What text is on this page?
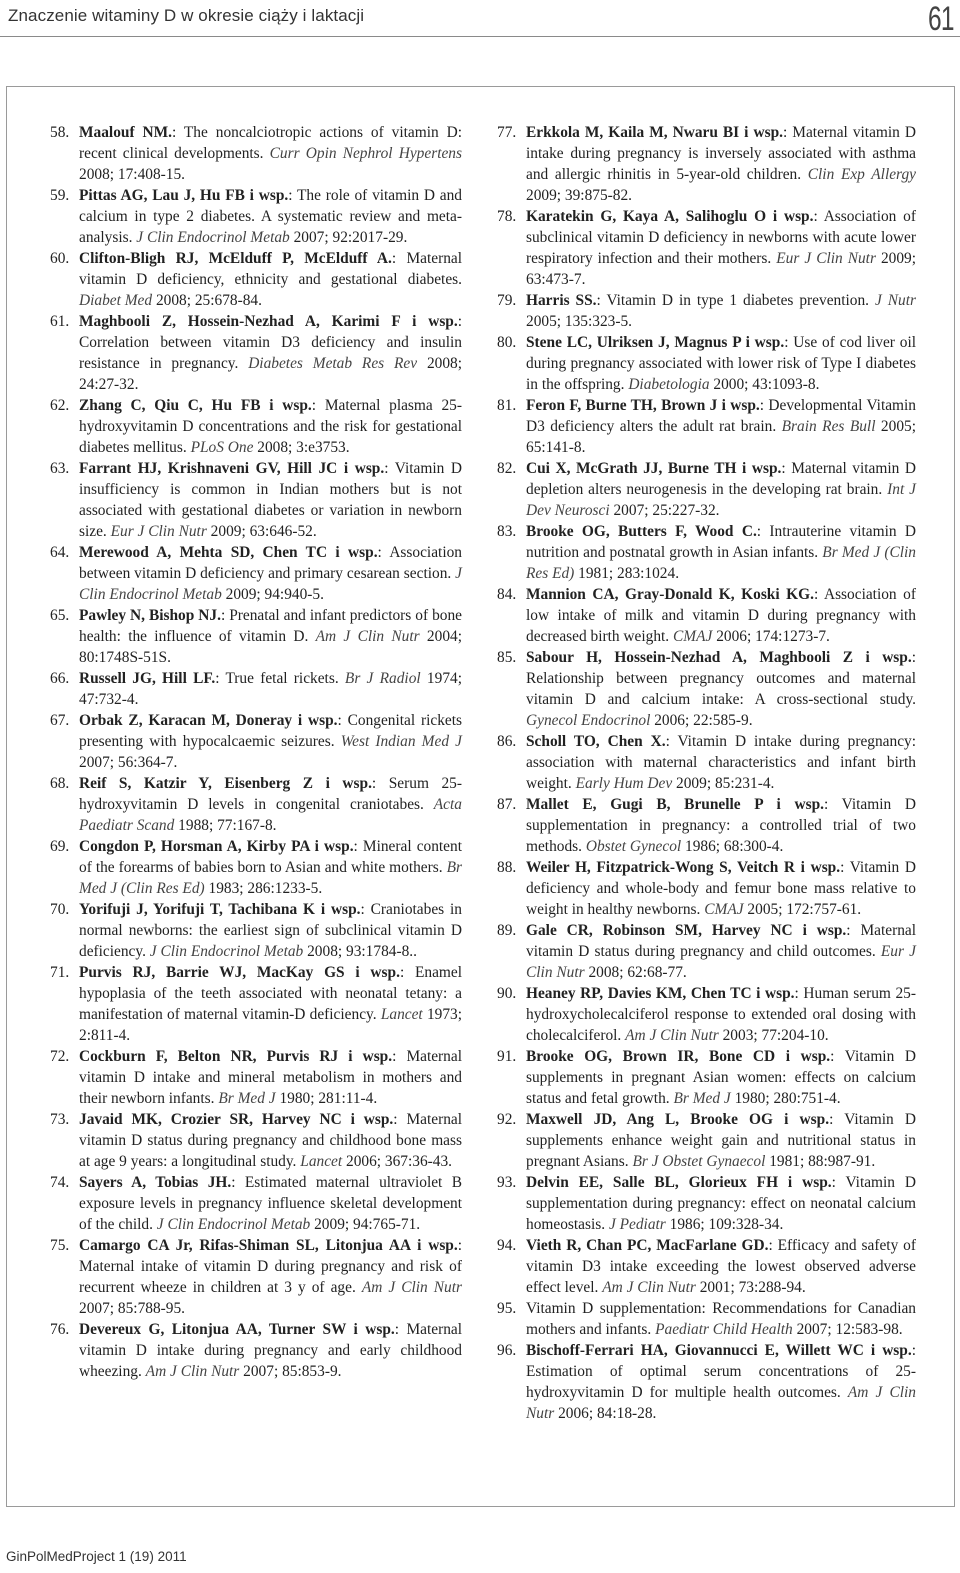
Znaczenie witaminy D w okresie ciąży i laktacji	61

58. Maalouf NM.: The noncalciotropic actions of vitamin D: recent clinical developments. Curr Opin Nephrol Hypertens 2008; 17:408-15.

59. Pittas AG, Lau J, Hu FB i wsp.: The role of vitamin D and calcium in type 2 diabetes. A systematic review and meta-analysis. J Clin Endocrinol Metab 2007; 92:2017-29.

60. Clifton-Bligh RJ, McElduff P, McElduff A.: Maternal vitamin D deficiency, ethnicity and gestational diabetes. Diabet Med 2008; 25:678-84.

61. Maghbooli Z, Hossein-Nezhad A, Karimi F i wsp.: Correlation between vitamin D3 deficiency and insulin resistance in pregnancy. Diabetes Metab Res Rev 2008; 24:27-32.

62. Zhang C, Qiu C, Hu FB i wsp.: Maternal plasma 25-hydroxyvitamin D concentrations and the risk for gestational diabetes mellitus. PLoS One 2008; 3:e3753.

63. Farrant HJ, Krishnaveni GV, Hill JC i wsp.: Vitamin D insufficiency is common in Indian mothers but is not associated with gestational diabetes or variation in newborn size. Eur J Clin Nutr 2009; 63:646-52.

64. Merewood A, Mehta SD, Chen TC i wsp.: Association between vitamin D deficiency and primary cesarean section. J Clin Endocrinol Metab 2009; 94:940-5.

65. Pawley N, Bishop NJ.: Prenatal and infant predictors of bone health: the influence of vitamin D. Am J Clin Nutr 2004; 80:1748S-51S.

66. Russell JG, Hill LF.: True fetal rickets. Br J Radiol 1974; 47:732-4.

67. Orbak Z, Karacan M, Doneray i wsp.: Congenital rickets presenting with hypocalcaemic seizures. West Indian Med J 2007; 56:364-7.

68. Reif S, Katzir Y, Eisenberg Z i wsp.: Serum 25-hydroxyvitamin D levels in congenital craniotabes. Acta Paediatr Scand 1988; 77:167-8.

69. Congdon P, Horsman A, Kirby PA i wsp.: Mineral content of the forearms of babies born to Asian and white mothers. Br Med J (Clin Res Ed) 1983; 286:1233-5.

70. Yorifuji J, Yorifuji T, Tachibana K i wsp.: Craniotabes in normal newborns: the earliest sign of subclinical vitamin D deficiency. J Clin Endocrinol Metab 2008; 93:1784-8..

71. Purvis RJ, Barrie WJ, MacKay GS i wsp.: Enamel hypoplasia of the teeth associated with neonatal tetany: a manifestation of maternal vitamin-D deficiency. Lancet 1973; 2:811-4.

72. Cockburn F, Belton NR, Purvis RJ i wsp.: Maternal vitamin D intake and mineral metabolism in mothers and their newborn infants. Br Med J 1980; 281:11-4.

73. Javaid MK, Crozier SR, Harvey NC i wsp.: Maternal vitamin D status during pregnancy and childhood bone mass at age 9 years: a longitudinal study. Lancet 2006; 367:36-43.

74. Sayers A, Tobias JH.: Estimated maternal ultraviolet B exposure levels in pregnancy influence skeletal development of the child. J Clin Endocrinol Metab 2009; 94:765-71.

75. Camargo CA Jr, Rifas-Shiman SL, Litonjua AA i wsp.: Maternal intake of vitamin D during pregnancy and risk of recurrent wheeze in children at 3 y of age. Am J Clin Nutr 2007; 85:788-95.

76. Devereux G, Litonjua AA, Turner SW i wsp.: Maternal vitamin D intake during pregnancy and early childhood wheezing. Am J Clin Nutr 2007; 85:853-9.

77. Erkkola M, Kaila M, Nwaru BI i wsp.: Maternal vitamin D intake during pregnancy is inversely associated with asthma and allergic rhinitis in 5-year-old children. Clin Exp Allergy 2009; 39:875-82.

78. Karatekin G, Kaya A, Salihoglu O i wsp.: Association of subclinical vitamin D deficiency in newborns with acute lower respiratory infection and their mothers. Eur J Clin Nutr 2009; 63:473-7.

79. Harris SS.: Vitamin D in type 1 diabetes prevention. J Nutr 2005; 135:323-5.

80. Stene LC, Ulriksen J, Magnus P i wsp.: Use of cod liver oil during pregnancy associated with lower risk of Type I diabetes in the offspring. Diabetologia 2000; 43:1093-8.

81. Feron F, Burne TH, Brown J i wsp.: Developmental Vitamin D3 deficiency alters the adult rat brain. Brain Res Bull 2005; 65:141-8.

82. Cui X, McGrath JJ, Burne TH i wsp.: Maternal vitamin D depletion alters neurogenesis in the developing rat brain. Int J Dev Neurosci 2007; 25:227-32.

83. Brooke OG, Butters F, Wood C.: Intrauterine vitamin D nutrition and postnatal growth in Asian infants. Br Med J (Clin Res Ed) 1981; 283:1024.

84. Mannion CA, Gray-Donald K, Koski KG.: Association of low intake of milk and vitamin D during pregnancy with decreased birth weight. CMAJ 2006; 174:1273-7.

85. Sabour H, Hossein-Nezhad A, Maghbooli Z i wsp.: Relationship between pregnancy outcomes and maternal vitamin D and calcium intake: A cross-sectional study. Gynecol Endocrinol 2006; 22:585-9.

86. Scholl TO, Chen X.: Vitamin D intake during pregnancy: association with maternal characteristics and infant birth weight. Early Hum Dev 2009; 85:231-4.

87. Mallet E, Gugi B, Brunelle P i wsp.: Vitamin D supplementation in pregnancy: a controlled trial of two methods. Obstet Gynecol 1986; 68:300-4.

88. Weiler H, Fitzpatrick-Wong S, Veitch R i wsp.: Vitamin D deficiency and whole-body and femur bone mass relative to weight in healthy newborns. CMAJ 2005; 172:757-61.

89. Gale CR, Robinson SM, Harvey NC i wsp.: Maternal vitamin D status during pregnancy and child outcomes. Eur J Clin Nutr 2008; 62:68-77.

90. Heaney RP, Davies KM, Chen TC i wsp.: Human serum 25-hydroxycholecalciferol response to extended oral dosing with cholecalciferol. Am J Clin Nutr 2003; 77:204-10.

91. Brooke OG, Brown IR, Bone CD i wsp.: Vitamin D supplements in pregnant Asian women: effects on calcium status and fetal growth. Br Med J 1980; 280:751-4.

92. Maxwell JD, Ang L, Brooke OG i wsp.: Vitamin D supplements enhance weight gain and nutritional status in pregnant Asians. Br J Obstet Gynaecol 1981; 88:987-91.

93. Delvin EE, Salle BL, Glorieux FH i wsp.: Vitamin D supplementation during pregnancy: effect on neonatal calcium homeostasis. J Pediatr 1986; 109:328-34.

94. Vieth R, Chan PC, MacFarlane GD.: Efficacy and safety of vitamin D3 intake exceeding the lowest observed adverse effect level. Am J Clin Nutr 2001; 73:288-94.

95. Vitamin D supplementation: Recommendations for Canadian mothers and infants. Paediatr Child Health 2007; 12:583-98.

96. Bischoff-Ferrari HA, Giovannucci E, Willett WC i wsp.: Estimation of optimal serum concentrations of 25-hydroxyvitamin D for multiple health outcomes. Am J Clin Nutr 2006; 84:18-28.

GinPolMedProject 1 (19) 2011
